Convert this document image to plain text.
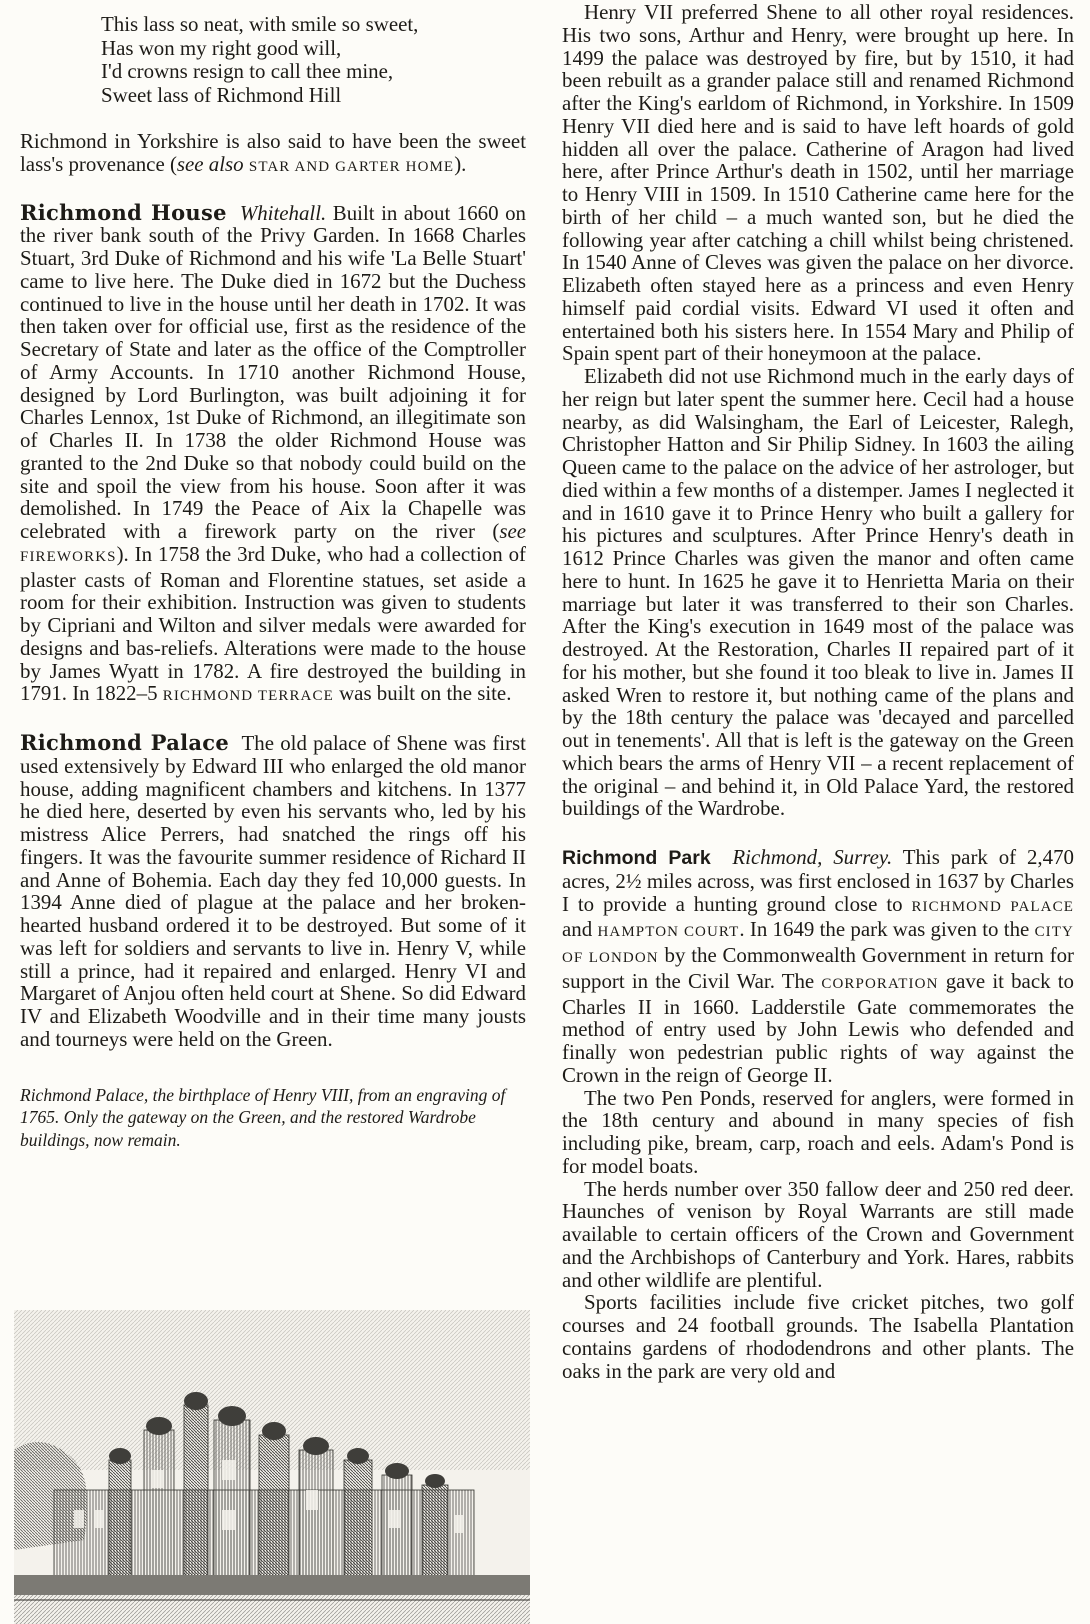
This lass so neat, with smile so sweet,
Has won my right good will,
I'd crowns resign to call thee mine,
Sweet lass of Richmond Hill

Richmond in Yorkshire is also said to have been the sweet lass's provenance (see also STAR AND GARTER HOME).

Richmond House Whitehall. Built in about 1660 on the river bank south of the Privy Garden. In 1668 Charles Stuart, 3rd Duke of Richmond and his wife 'La Belle Stuart' came to live here. The Duke died in 1672 but the Duchess continued to live in the house until her death in 1702. It was then taken over for official use, first as the residence of the Secretary of State and later as the office of the Comptroller of Army Accounts. In 1710 another Richmond House, designed by Lord Burlington, was built adjoining it for Charles Lennox, 1st Duke of Richmond, an illegitimate son of Charles II. In 1738 the older Richmond House was granted to the 2nd Duke so that nobody could build on the site and spoil the view from his house. Soon after it was demolished. In 1749 the Peace of Aix la Chapelle was celebrated with a firework party on the river (see FIREWORKS). In 1758 the 3rd Duke, who had a collection of plaster casts of Roman and Florentine statues, set aside a room for their exhibition. Instruction was given to students by Cipriani and Wilton and silver medals were awarded for designs and bas-reliefs. Alterations were made to the house by James Wyatt in 1782. A fire destroyed the building in 1791. In 1822–5 RICHMOND TERRACE was built on the site.

Richmond Palace The old palace of Shene was first used extensively by Edward III who enlarged the old manor house, adding magnificent chambers and kitchens. In 1377 he died here, deserted by even his servants who, led by his mistress Alice Perrers, had snatched the rings off his fingers. It was the favourite summer residence of Richard II and Anne of Bohemia. Each day they fed 10,000 guests. In 1394 Anne died of plague at the palace and her brokenhearted husband ordered it to be destroyed. But some of it was left for soldiers and servants to live in. Henry V, while still a prince, had it repaired and enlarged. Henry VI and Margaret of Anjou often held court at Shene. So did Edward IV and Elizabeth Woodville and in their time many jousts and tourneys were held on the Green.

Richmond Palace, the birthplace of Henry VIII, from an engraving of 1765. Only the gateway on the Green, and the restored Wardrobe buildings, now remain.

Henry VII preferred Shene to all other royal residences. His two sons, Arthur and Henry, were brought up here. In 1499 the palace was destroyed by fire, but by 1510, it had been rebuilt as a grander palace still and renamed Richmond after the King's earldom of Richmond, in Yorkshire. In 1509 Henry VII died here and is said to have left hoards of gold hidden all over the palace. Catherine of Aragon had lived here, after Prince Arthur's death in 1502, until her marriage to Henry VIII in 1509. In 1510 Catherine came here for the birth of her child – a much wanted son, but he died the following year after catching a chill whilst being christened. In 1540 Anne of Cleves was given the palace on her divorce. Elizabeth often stayed here as a princess and even Henry himself paid cordial visits. Edward VI used it often and entertained both his sisters here. In 1554 Mary and Philip of Spain spent part of their honeymoon at the palace.

Elizabeth did not use Richmond much in the early days of her reign but later spent the summer here. Cecil had a house nearby, as did Walsingham, the Earl of Leicester, Ralegh, Christopher Hatton and Sir Philip Sidney. In 1603 the ailing Queen came to the palace on the advice of her astrologer, but died within a few months of a distemper. James I neglected it and in 1610 gave it to Prince Henry who built a gallery for his pictures and sculptures. After Prince Henry's death in 1612 Prince Charles was given the manor and often came here to hunt. In 1625 he gave it to Henrietta Maria on their marriage but later it was transferred to their son Charles. After the King's execution in 1649 most of the palace was destroyed. At the Restoration, Charles II repaired part of it for his mother, but she found it too bleak to live in. James II asked Wren to restore it, but nothing came of the plans and by the 18th century the palace was 'decayed and parcelled out in tenements'. All that is left is the gateway on the Green which bears the arms of Henry VII – a recent replacement of the original – and behind it, in Old Palace Yard, the restored buildings of the Wardrobe.

Richmond Park Richmond, Surrey. This park of 2,470 acres, 2½ miles across, was first enclosed in 1637 by Charles I to provide a hunting ground close to RICHMOND PALACE and HAMPTON COURT. In 1649 the park was given to the CITY OF LONDON by the Commonwealth Government in return for support in the Civil War. The CORPORATION gave it back to Charles II in 1660. Ladderstile Gate commemorates the method of entry used by John Lewis who defended and finally won pedestrian public rights of way against the Crown in the reign of George II.

The two Pen Ponds, reserved for anglers, were formed in the 18th century and abound in many species of fish including pike, bream, carp, roach and eels. Adam's Pond is for model boats.

The herds number over 350 fallow deer and 250 red deer. Haunches of venison by Royal Warrants are still made available to certain officers of the Crown and Government and the Archbishops of Canterbury and York. Hares, rabbits and other wildlife are plentiful.

Sports facilities include five cricket pitches, two golf courses and 24 football grounds. The Isabella Plantation contains gardens of rhododendrons and other plants. The oaks in the park are very old and
